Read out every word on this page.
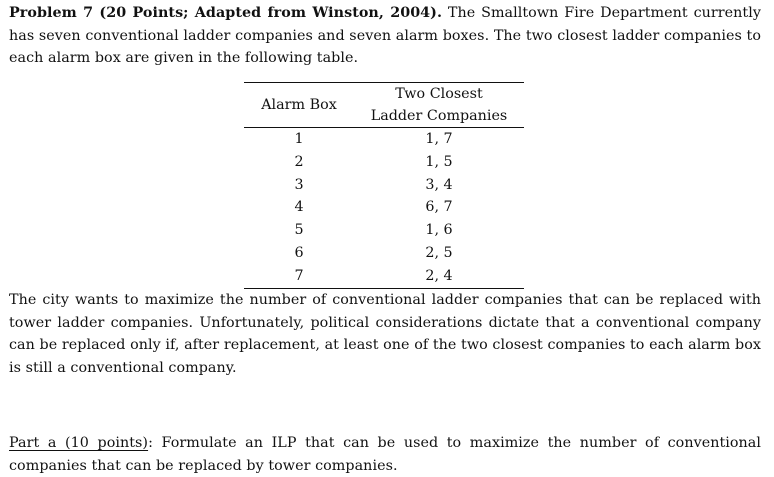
Problem 7 (20 Points; Adapted from Winston, 2004). The Smalltown Fire Department currently has seven conventional ladder companies and seven alarm boxes. The two closest ladder companies to each alarm box are given in the following table.

Alarm Box	Two Closest
Ladder Companies

1	1, 7
2	1, 5
3	3, 4
4	6, 7
5	1, 6
6	2, 5
7	2, 4

The city wants to maximize the number of conventional ladder companies that can be replaced with tower ladder companies. Unfortunately, political considerations dictate that a conventional company can be replaced only if, after replacement, at least one of the two closest companies to each alarm box is still a conventional company.

Part a (10 points): Formulate an ILP that can be used to maximize the number of conventional companies that can be replaced by tower companies.
